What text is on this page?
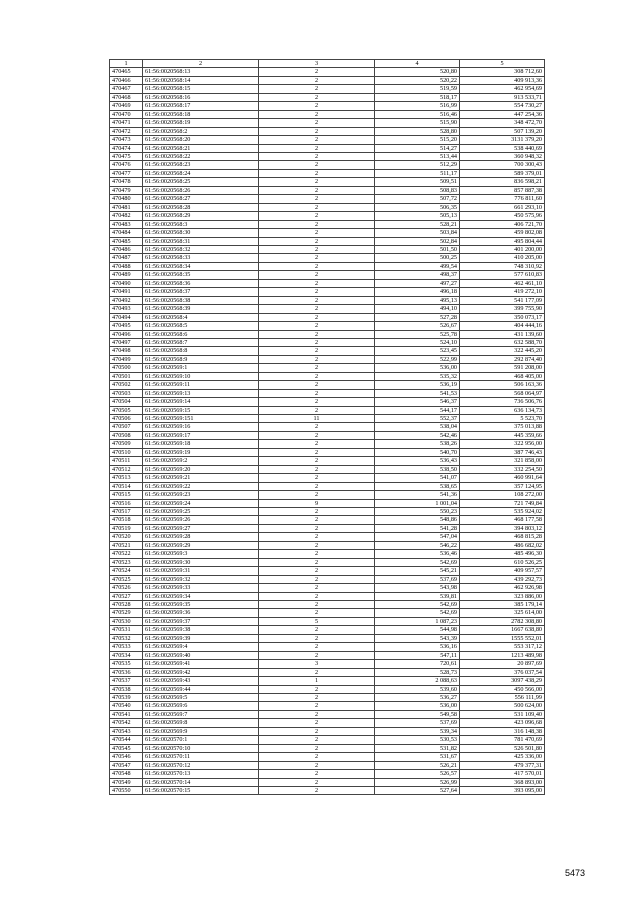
1	2	3	4	5
470465	61:56:0020568:13	2	520,80	308 712,60
470466	61:56:0020568:14	2	520,22	409 913,36
470467	61:56:0020568:15	2	519,59	462 954,69
470468	61:56:0020568:16	2	518,17	913 533,71
470469	61:56:0020568:17	2	516,99	554 730,27
470470	61:56:0020568:18	2	516,46	447 254,36
470471	61:56:0020568:19	2	515,90	348 472,70
470472	61:56:0020568:2	2	528,80	507 139,20
470473	61:56:0020568:20	2	515,20	3131 379,20
470474	61:56:0020568:21	2	514,27	538 440,69
470475	61:56:0020568:22	2	513,44	360 948,32
470476	61:56:0020568:23	2	512,29	700 300,43
470477	61:56:0020568:24	2	511,17	589 379,01
470478	61:56:0020568:25	2	509,51	836 598,21
470479	61:56:0020568:26	2	508,83	857 887,38
470480	61:56:0020568:27	2	507,72	776 811,60
470481	61:56:0020568:28	2	506,35	661 293,10
470482	61:56:0020568:29	2	505,13	450 575,96
470483	61:56:0020568:3	2	528,21	406 721,70
470484	61:56:0020568:30	2	503,84	459 802,08
470485	61:56:0020568:31	2	502,84	495 804,44
470486	61:56:0020568:32	2	501,50	401 200,00
470487	61:56:0020568:33	2	500,25	410 205,00
470488	61:56:0020568:34	2	499,54	748 310,92
470489	61:56:0020568:35	2	498,37	577 610,83
470490	61:56:0020568:36	2	497,27	462 461,10
470491	61:56:0020568:37	2	496,18	419 272,10
470492	61:56:0020568:38	2	495,13	541 177,09
470493	61:56:0020568:39	2	494,10	399 755,90
470494	61:56:0020568:4	2	527,28	350 073,17
470495	61:56:0020568:5	2	526,67	404 444,16
470496	61:56:0020568:6	2	525,78	431 139,60
470497	61:56:0020568:7	2	524,10	632 588,70
470498	61:56:0020568:8	2	523,45	322 445,20
470499	61:56:0020568:9	2	522,99	292 874,40
470500	61:56:0020569:1	2	536,00	591 208,00
470501	61:56:0020569:10	2	535,32	468 405,00
470502	61:56:0020569:11	2	536,19	506 163,36
470503	61:56:0020569:13	2	541,53	568 064,97
470504	61:56:0020569:14	2	546,37	736 506,76
470505	61:56:0020569:15	2	544,17	636 134,73
470506	61:56:0020569:151	11	552,37	5 523,70
470507	61:56:0020569:16	2	538,04	375 013,88
470508	61:56:0020569:17	2	542,46	445 359,66
470509	61:56:0020569:18	2	538,26	322 956,00
470510	61:56:0020569:19	2	540,70	387 746,43
470511	61:56:0020569:2	2	536,43	321 858,00
470512	61:56:0020569:20	2	538,50	332 254,50
470513	61:56:0020569:21	2	541,07	460 991,64
470514	61:56:0020569:22	2	538,65	357 124,95
470515	61:56:0020569:23	2	541,36	108 272,00
470516	61:56:0020569:24	9	1 001,04	721 749,84
470517	61:56:0020569:25	2	550,23	535 924,02
470518	61:56:0020569:26	2	548,86	468 177,58
470519	61:56:0020569:27	2	541,28	394 803,12
470520	61:56:0020569:28	2	547,04	468 815,28
470521	61:56:0020569:29	2	546,22	486 682,02
470522	61:56:0020569:3	2	536,46	485 496,30
470523	61:56:0020569:30	2	542,69	610 526,25
470524	61:56:0020569:31	2	545,21	409 957,57
470525	61:56:0020569:32	2	537,69	439 292,73
470526	61:56:0020569:33	2	543,98	462 926,98
470527	61:56:0020569:34	2	539,81	323 886,00
470528	61:56:0020569:35	2	542,69	385 179,14
470529	61:56:0020569:36	2	542,69	325 614,00
470530	61:56:0020569:37	5	1 087,23	2782 308,80
470531	61:56:0020569:38	2	544,98	1667 638,80
470532	61:56:0020569:39	2	543,39	1555 552,01
470533	61:56:0020569:4	2	536,16	553 317,12
470534	61:56:0020569:40	2	547,11	1213 489,98
470535	61:56:0020569:41	3	720,61	20 897,69
470536	61:56:0020569:42	2	528,73	376 037,54
470537	61:56:0020569:43	1	2 088,63	3097 438,29
470538	61:56:0020569:44	2	539,60	450 566,00
470539	61:56:0020569:5	2	536,27	556 111,99
470540	61:56:0020569:6	2	536,00	500 624,00
470541	61:56:0020569:7	2	549,58	531 109,40
470542	61:56:0020569:8	2	537,69	423 096,68
470543	61:56:0020569:9	2	539,34	316 148,38
470544	61:56:0020570:1	2	530,53	781 470,69
470545	61:56:0020570:10	2	531,82	526 501,80
470546	61:56:0020570:11	2	531,67	425 336,00
470547	61:56:0020570:12	2	526,21	479 377,31
470548	61:56:0020570:13	2	526,57	417 570,01
470549	61:56:0020570:14	2	526,99	368 893,00
470550	61:56:0020570:15	2	527,64	393 095,00
5473
